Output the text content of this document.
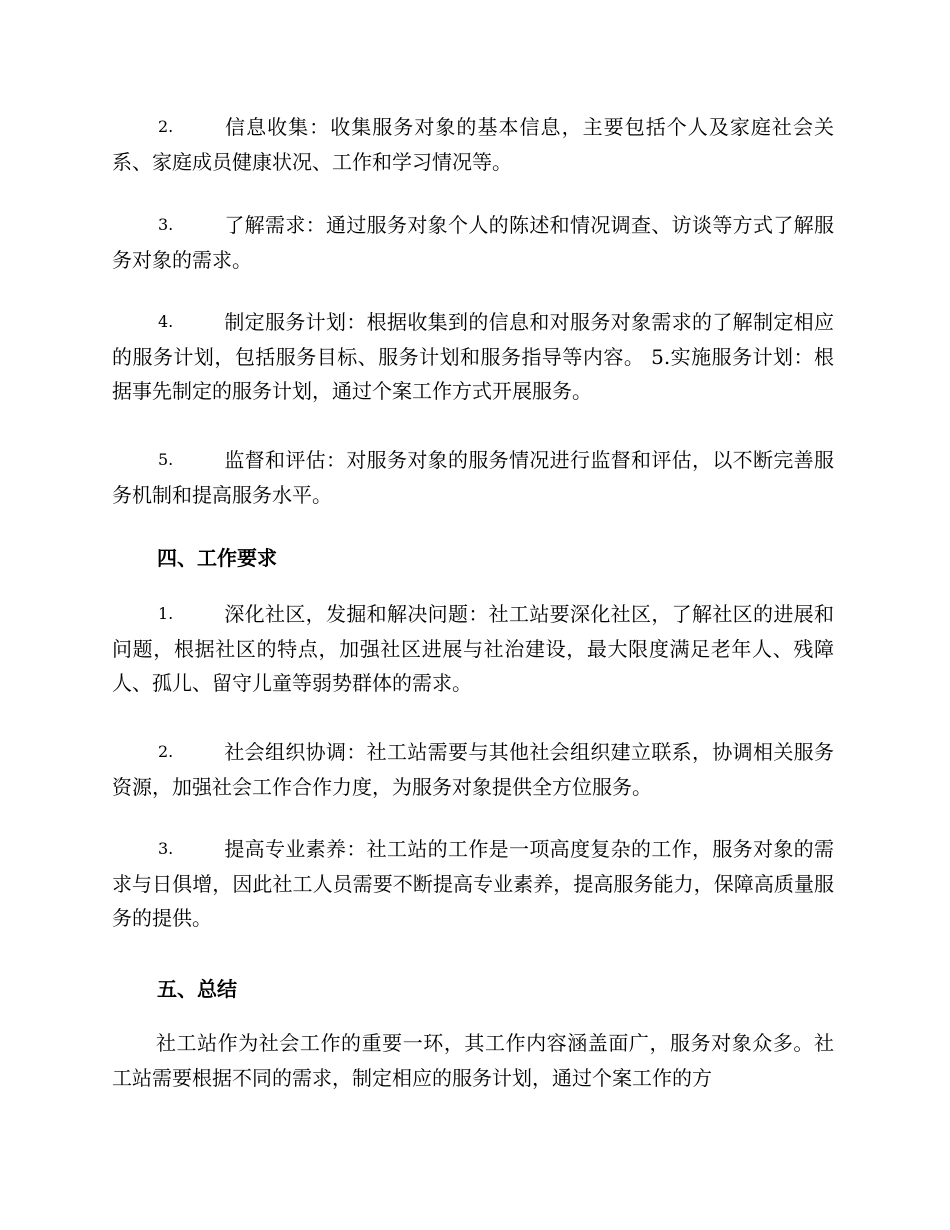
2.	信息收集：收集服务对象的基本信息，主要包括个人及家庭社会关系、家庭成员健康状况、工作和学习情况等。
3.	了解需求：通过服务对象个人的陈述和情况调查、访谈等方式了解服务对象的需求。
4.	制定服务计划：根据收集到的信息和对服务对象需求的了解制定相应的服务计划，包括服务目标、服务计划和服务指导等内容。 5.实施服务计划：根据事先制定的服务计划，通过个案工作方式开展服务。
5.	监督和评估：对服务对象的服务情况进行监督和评估，以不断完善服务机制和提高服务水平。
四、工作要求
1.	深化社区，发掘和解决问题：社工站要深化社区，了解社区的进展和问题，根据社区的特点，加强社区进展与社治建设，最大限度满足老年人、残障人、孤儿、留守儿童等弱势群体的需求。
2.	社会组织协调：社工站需要与其他社会组织建立联系，协调相关服务资源，加强社会工作合作力度，为服务对象提供全方位服务。
3.	提高专业素养：社工站的工作是一项高度复杂的工作，服务对象的需求与日俱增，因此社工人员需要不断提高专业素养，提高服务能力，保障高质量服务的提供。
五、总结
社工站作为社会工作的重要一环，其工作内容涵盖面广，服务对象众多。社工站需要根据不同的需求，制定相应的服务计划，通过个案工作的方
